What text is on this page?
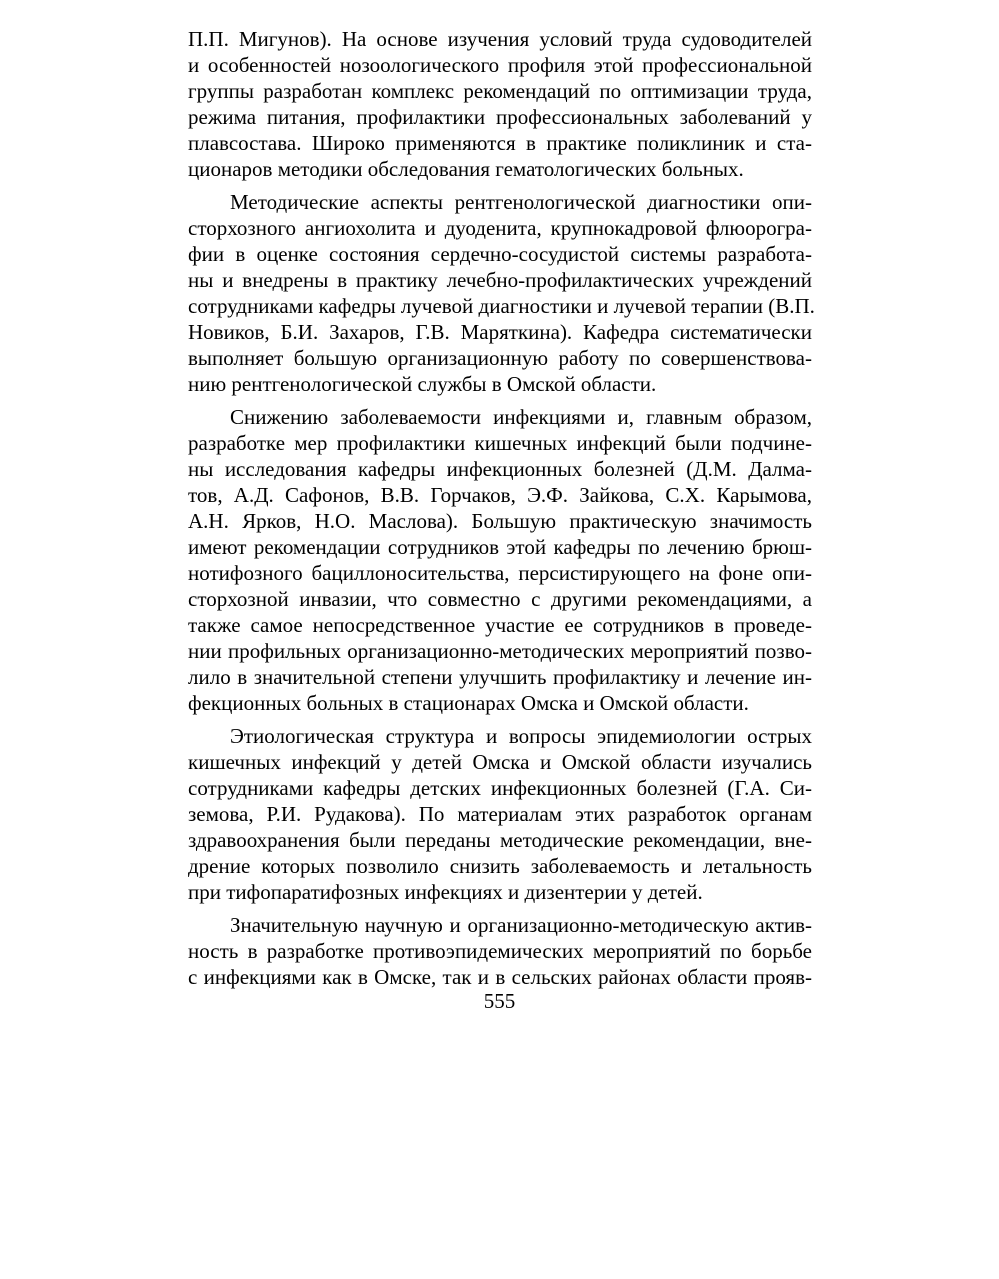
П.П. Мигунов). На основе изучения условий труда судоводителей
и особенностей нозоологического профиля этой профессиональной
группы разработан комплекс рекомендаций по оптимизации труда,
режима питания, профилактики профессиональных заболеваний у
плавсостава. Широко применяются в практике поликлиник и ста-
ционаров методики обследования гематологических больных.
Методические аспекты рентгенологической диагностики опи-
сторхозного ангиохолита и дуоденита, крупнокадровой флюорогра-
фии в оценке состояния сердечно-сосудистой системы разработа-
ны и внедрены в практику лечебно-профилактических учреждений
сотрудниками кафедры лучевой диагностики и лучевой терапии (В.П.
Новиков, Б.И. Захаров, Г.В. Маряткина). Кафедра систематически
выполняет большую организационную работу по совершенствова-
нию рентгенологической службы в Омской области.
Снижению заболеваемости инфекциями и, главным образом,
разработке мер профилактики кишечных инфекций были подчине-
ны исследования кафедры инфекционных болезней (Д.М. Далма-
тов, А.Д. Сафонов, В.В. Горчаков, Э.Ф. Зайкова, С.Х. Карымова,
А.Н. Ярков, Н.О. Маслова). Большую практическую значимость
имеют рекомендации сотрудников этой кафедры по лечению брюш-
нотифозного бациллоносительства, персистирующего на фоне опи-
сторхозной инвазии, что совместно с другими рекомендациями, а
также самое непосредственное участие ее сотрудников в проведе-
нии профильных организационно-методических мероприятий позво-
лило в значительной степени улучшить профилактику и лечение ин-
фекционных больных в стационарах Омска и Омской области.
Этиологическая структура и вопросы эпидемиологии острых
кишечных инфекций у детей Омска и Омской области изучались
сотрудниками кафедры детских инфекционных болезней (Г.А. Си-
земова, Р.И. Рудакова). По материалам этих разработок органам
здравоохранения были переданы методические рекомендации, вне-
дрение которых позволило снизить заболеваемость и летальность
при тифопаратифозных инфекциях и дизентерии у детей.
Значительную научную и организационно-методическую актив-
ность в разработке противоэпидемических мероприятий по борьбе
с инфекциями как в Омске, так и в сельских районах области прояв-
555
